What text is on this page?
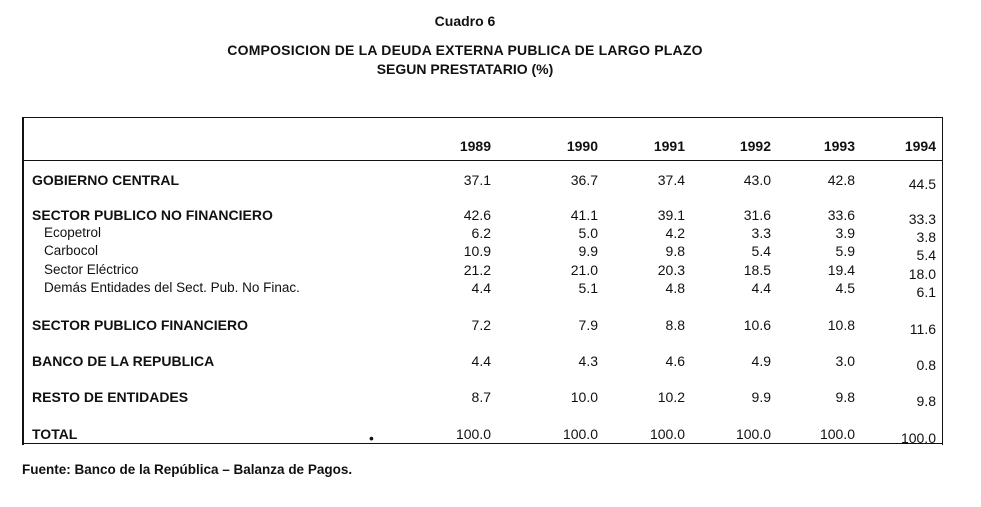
Cuadro 6
COMPOSICION DE LA DEUDA EXTERNA PUBLICA DE LARGO PLAZO
SEGUN PRESTATARIO (%)
1989	1990	1991	1992	1993	1994
GOBIERNO CENTRAL	37.1	36.7	37.4	43.0	42.8	44.5
SECTOR PUBLICO NO FINANCIERO	42.6	41.1	39.1	31.6	33.6	33.3
Ecopetrol	6.2	5.0	4.2	3.3	3.9	3.8
Carbocol	10.9	9.9	9.8	5.4	5.9	5.4
Sector Eléctrico	21.2	21.0	20.3	18.5	19.4	18.0
Demás Entidades del Sect. Pub. No Finac.	4.4	5.1	4.8	4.4	4.5	6.1
SECTOR PUBLICO FINANCIERO	7.2	7.9	8.8	10.6	10.8	11.6
BANCO DE LA REPUBLICA	4.4	4.3	4.6	4.9	3.0	0.8
RESTO DE ENTIDADES	8.7	10.0	10.2	9.9	9.8	9.8
TOTAL	100.0	100.0	100.0	100.0	100.0	100.0
•
Fuente: Banco de la República – Balanza de Pagos.
